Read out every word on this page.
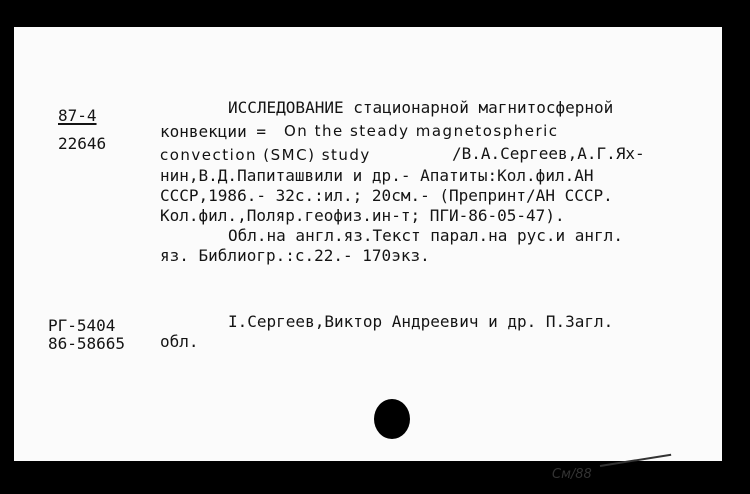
87-4

22646

ИССЛЕДОВАНИЕ стационарной магнитосферной

конвекции = On the steady magnetospheric

convection (SMC) study	/В.А.Сергеев,А.Г.Ях-

нин,В.Д.Папиташвили и др.- Апатиты:Кол.фил.АН

СССР,1986.- 32с.:ил.; 20см.- (Препринт/АН СССР.

Кол.фил.,Поляр.геофиз.ин-т; ПГИ-86-05-47).

Обл.на англ.яз.Текст парал.на рус.и англ.

яз. Библиогр.:с.22.- 170экз.

РГ-5404

86-58665

I.Сергеев,Виктор Андреевич и др. П.Загл.

обл.

См/88
